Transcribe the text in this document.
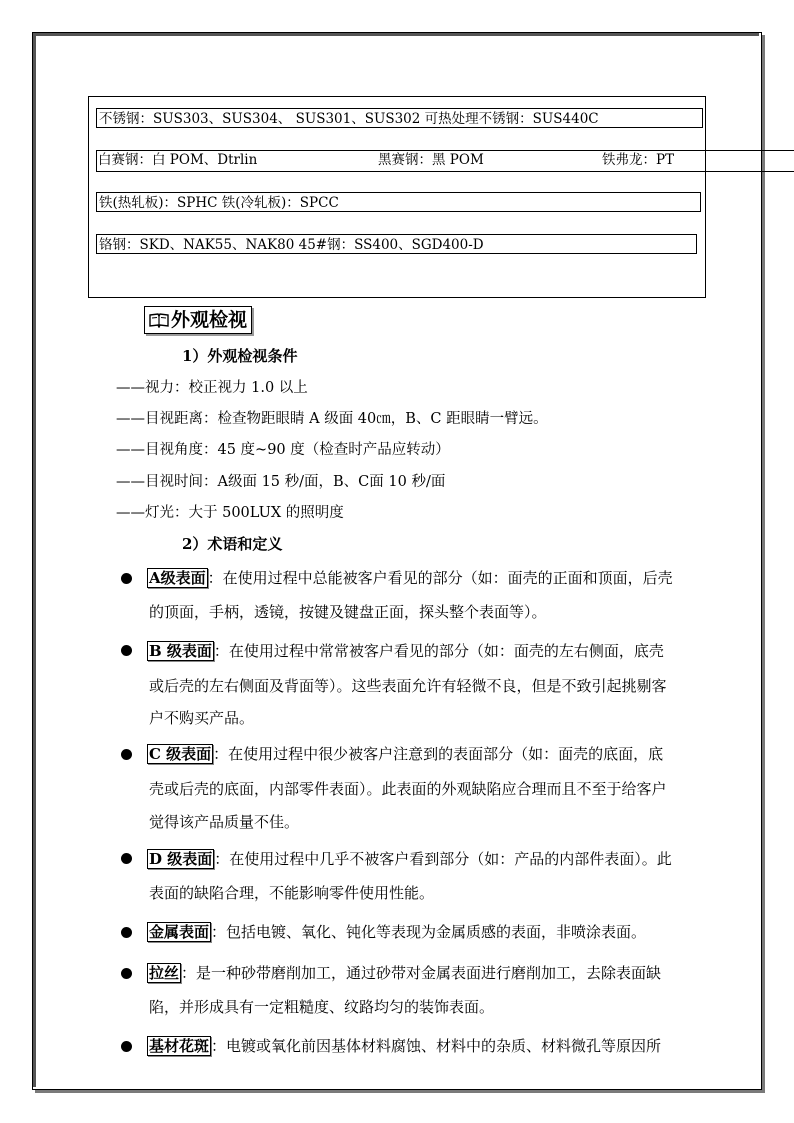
不锈钢：SUS303、SUS304、 SUS301、SUS302 可热处理不锈钢：SUS440C
白赛钢：白 POM、Dtrlin	黑赛钢：黑 POM	铁弗龙：PT
铁(热轧板)：SPHC 铁(冷轧板)：SPCC
铬钢：SKD、NAK55、NAK80 45#钢：SS400、SGD400-D
外观检视
1）外观检视条件
——视力：校正视力 1.0 以上
——目视距离：检查物距眼睛 A 级面 40㎝，B、C 距眼睛一臂远。
——目视角度：45 度~90 度（检查时产品应转动）
——目视时间：A级面 15 秒/面，B、C面 10 秒/面
——灯光：大于 500LUX 的照明度
2）术语和定义
A级表面 ：在使用过程中总能被客户看见的部分（如：面壳的正面和顶面，后壳
的顶面，手柄，透镜，按键及键盘正面，探头整个表面等）。
B 级表面 ：在使用过程中常常被客户看见的部分（如：面壳的左右侧面，底壳
或后壳的左右侧面及背面等）。这些表面允许有轻微不良，但是不致引起挑剔客
户不购买产品。
C 级表面 ：在使用过程中很少被客户注意到的表面部分（如：面壳的底面，底
壳或后壳的底面，内部零件表面）。此表面的外观缺陷应合理而且不至于给客户
觉得该产品质量不佳。
D 级表面 ：在使用过程中几乎不被客户看到部分（如：产品的内部件表面）。此
表面的缺陷合理，不能影响零件使用性能。
金属表面 ：包括电镀、氧化、钝化等表现为金属质感的表面，非喷涂表面。
拉丝 ：是一种砂带磨削加工，通过砂带对金属表面进行磨削加工，去除表面缺
陷，并形成具有一定粗糙度、纹路均匀的装饰表面。
基材花斑 ：电镀或氧化前因基体材料腐蚀、材料中的杂质、材料微孔等原因所
